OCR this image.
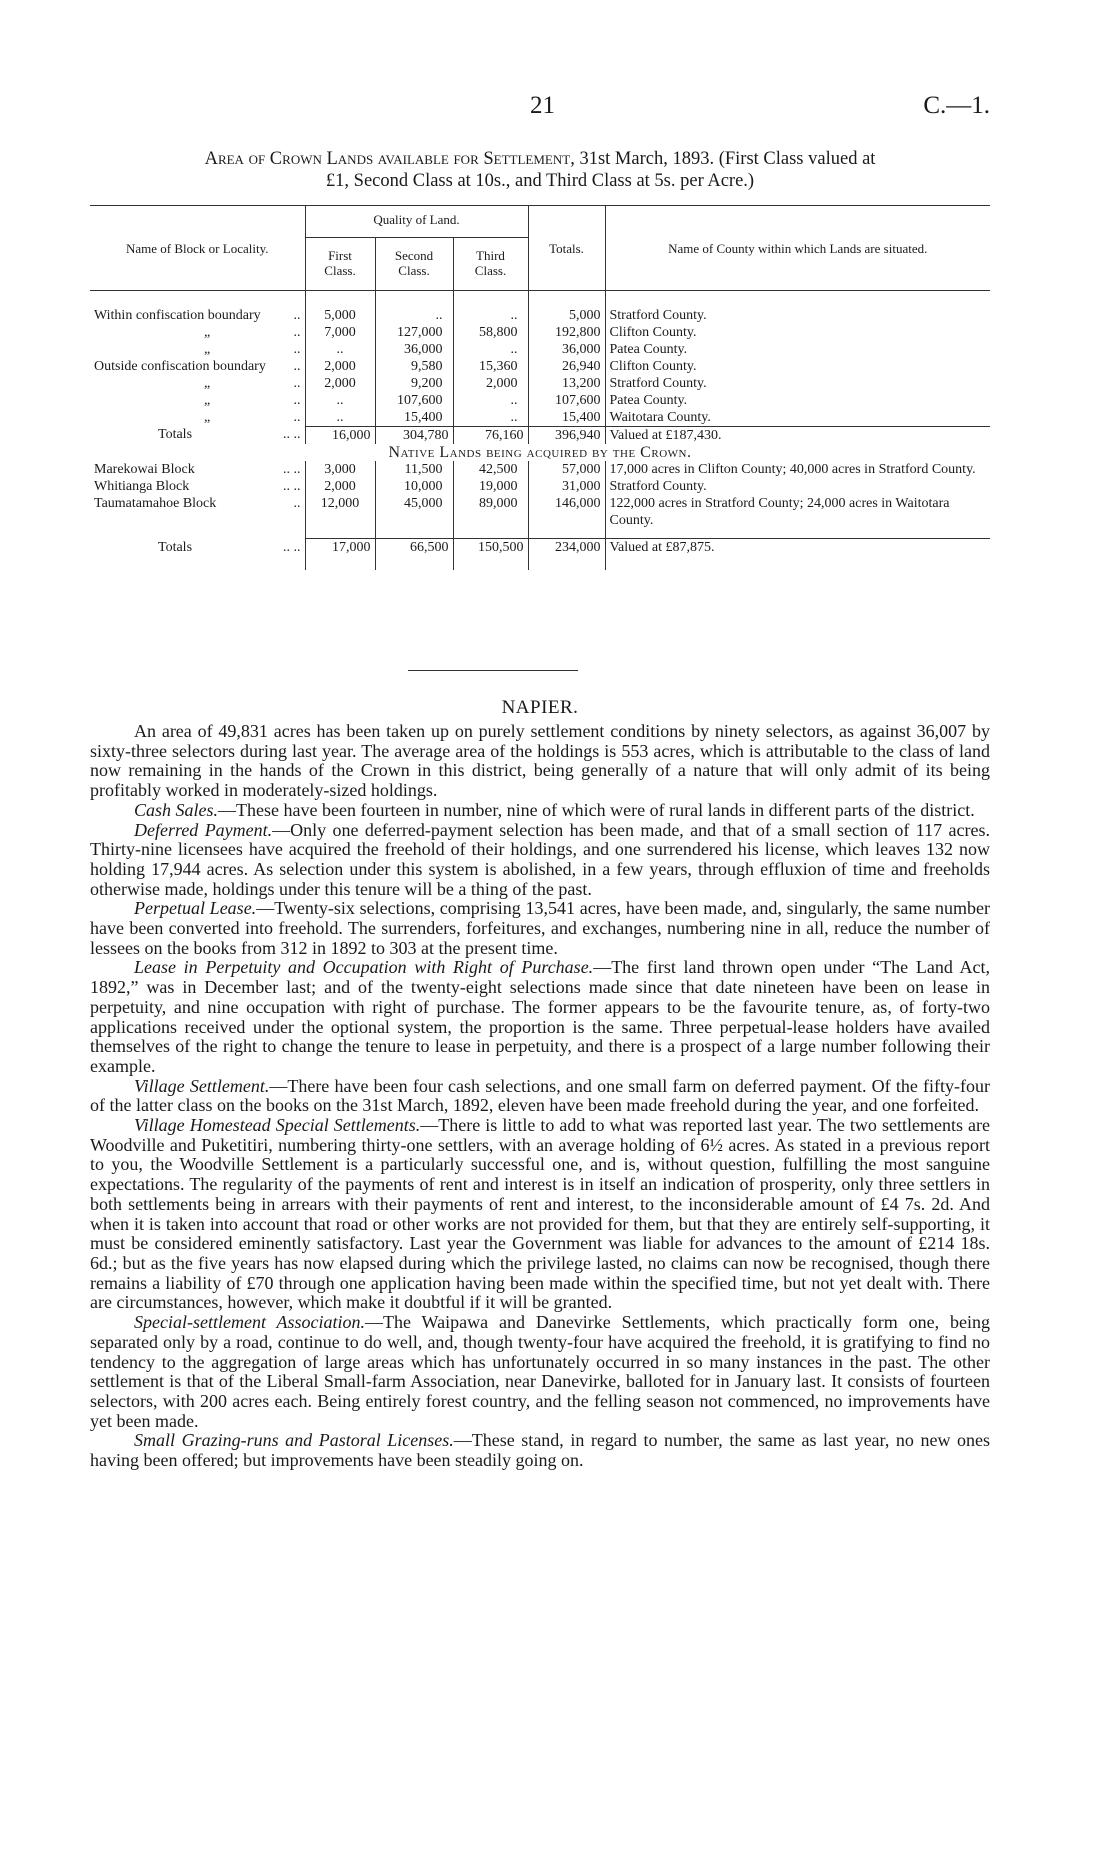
21	C.—1.
Area of Crown Lands available for Settlement, 31st March, 1893. (First Class valued at
£1, Second Class at 10s., and Third Class at 5s. per Acre.)
Name of Block or Locality.	Quality of Land.			Totals.	Name of County within which Lands are situated.
	First Class.	Second Class.	Third Class.		

Within confiscation boundary ..	5,000	..	..	5,000	Stratford County.
„ ..	7,000	127,000	58,800	192,800	Clifton County.
„ ..	..	36,000	..	36,000	Patea County.
Outside confiscation boundary ..	2,000	9,580	15,360	26,940	Clifton County.
„ ..	2,000	9,200	2,000	13,200	Stratford County.
„ ..	..	107,600	..	107,600	Patea County.
„ ..	..	15,400	..	15,400	Waitotara County.
Totals .. ..	16,000	304,780	76,160	396,940	Valued at £187,430.
Native Lands being acquired by the Crown.					
Marekowai Block .. ..	3,000	11,500	42,500	57,000	17,000 acres in Clifton County; 40,000 acres in Stratford County.
Whitianga Block .. ..	2,000	10,000	19,000	31,000	Stratford County.
Taumatamahoe Block ..	12,000	45,000	89,000	146,000	122,000 acres in Stratford County; 24,000 acres in Waitotara County.

Totals .. ..	17,000	66,500	150,500	234,000	Valued at £87,875.

NAPIER.

An area of 49,831 acres has been taken up on purely settlement conditions by ninety selectors, as against 36,007 by sixty-three selectors during last year. The average area of the holdings is 553 acres, which is attributable to the class of land now remaining in the hands of the Crown in this district, being generally of a nature that will only admit of its being profitably worked in moderately-sized holdings.

Cash Sales.—These have been fourteen in number, nine of which were of rural lands in different parts of the district.

Deferred Payment.—Only one deferred-payment selection has been made, and that of a small section of 117 acres. Thirty-nine licensees have acquired the freehold of their holdings, and one surrendered his license, which leaves 132 now holding 17,944 acres. As selection under this system is abolished, in a few years, through effluxion of time and freeholds otherwise made, holdings under this tenure will be a thing of the past.

Perpetual Lease.—Twenty-six selections, comprising 13,541 acres, have been made, and, singularly, the same number have been converted into freehold. The surrenders, forfeitures, and exchanges, numbering nine in all, reduce the number of lessees on the books from 312 in 1892 to 303 at the present time.

Lease in Perpetuity and Occupation with Right of Purchase.—The first land thrown open under “The Land Act, 1892,” was in December last; and of the twenty-eight selections made since that date nineteen have been on lease in perpetuity, and nine occupation with right of purchase. The former appears to be the favourite tenure, as, of forty-two applications received under the optional system, the proportion is the same. Three perpetual-lease holders have availed themselves of the right to change the tenure to lease in perpetuity, and there is a prospect of a large number following their example.

Village Settlement.—There have been four cash selections, and one small farm on deferred payment. Of the fifty-four of the latter class on the books on the 31st March, 1892, eleven have been made freehold during the year, and one forfeited.

Village Homestead Special Settlements.—There is little to add to what was reported last year. The two settlements are Woodville and Puketitiri, numbering thirty-one settlers, with an average holding of 6½ acres. As stated in a previous report to you, the Woodville Settlement is a particularly successful one, and is, without question, fulfilling the most sanguine expectations. The regularity of the payments of rent and interest is in itself an indication of prosperity, only three settlers in both settlements being in arrears with their payments of rent and interest, to the inconsiderable amount of £4 7s. 2d. And when it is taken into account that road or other works are not provided for them, but that they are entirely self-supporting, it must be considered eminently satisfactory. Last year the Government was liable for advances to the amount of £214 18s. 6d.; but as the five years has now elapsed during which the privilege lasted, no claims can now be recognised, though there remains a liability of £70 through one application having been made within the specified time, but not yet dealt with. There are circumstances, however, which make it doubtful if it will be granted.

Special-settlement Association.—The Waipawa and Danevirke Settlements, which practically form one, being separated only by a road, continue to do well, and, though twenty-four have acquired the freehold, it is gratifying to find no tendency to the aggregation of large areas which has unfortunately occurred in so many instances in the past. The other settlement is that of the Liberal Small-farm Association, near Danevirke, balloted for in January last. It consists of fourteen selectors, with 200 acres each. Being entirely forest country, and the felling season not commenced, no improvements have yet been made.

Small Grazing-runs and Pastoral Licenses.—These stand, in regard to number, the same as last year, no new ones having been offered; but improvements have been steadily going on.
